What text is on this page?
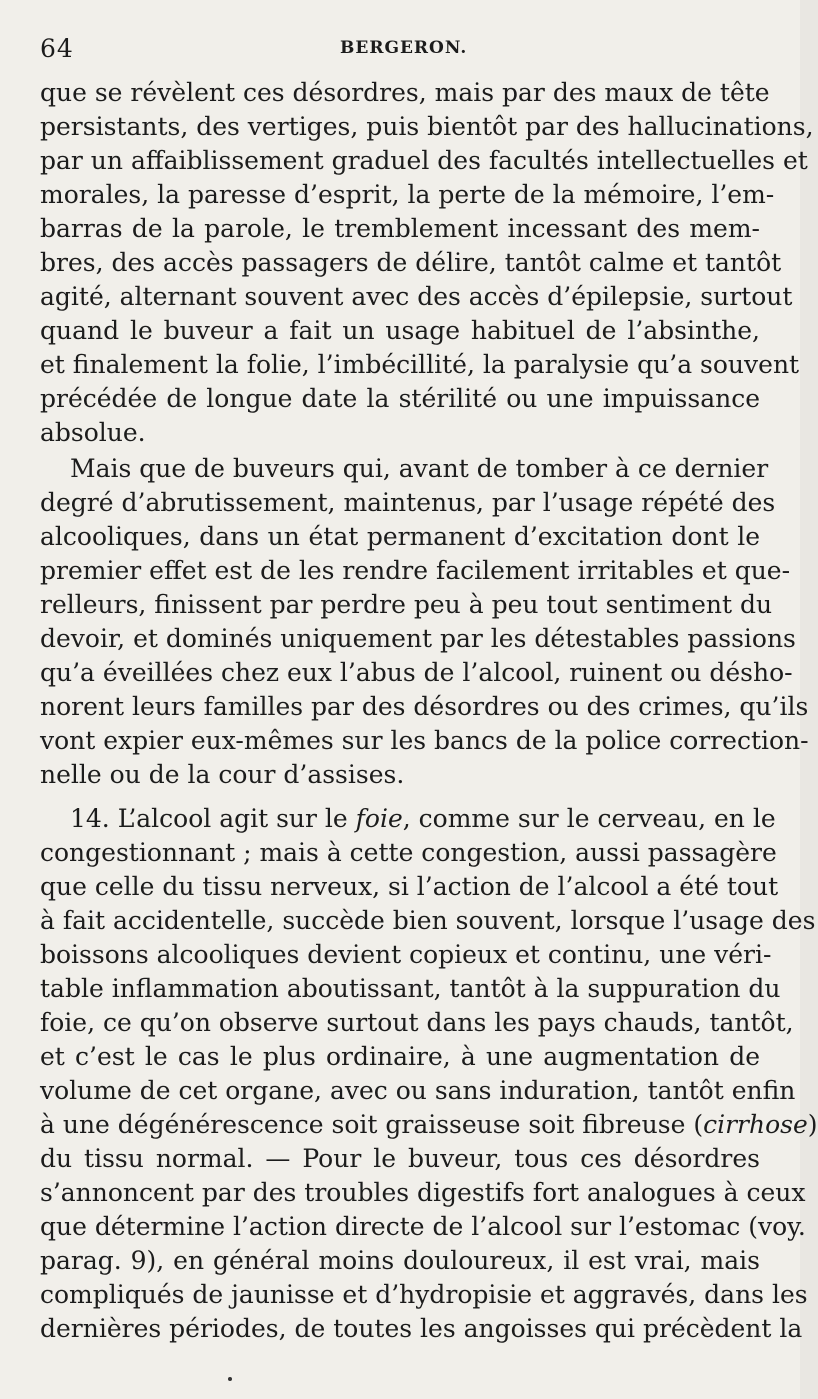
64	BERGERON.
que se révèlent ces désordres, mais par des maux de tête
persistants, des vertiges, puis bientôt par des hallucinations,
par un affaiblissement graduel des facultés intellectuelles et
morales, la paresse d’esprit, la perte de la mémoire, l’em-
barras de la parole, le tremblement incessant des mem-
bres, des accès passagers de délire, tantôt calme et tantôt
agité, alternant souvent avec des accès d’épilepsie, surtout
quand le buveur a fait un usage habituel de l’absinthe,
et finalement la folie, l’imbécillité, la paralysie qu’a souvent
précédée de longue date la stérilité ou une impuissance
absolue.
Mais que de buveurs qui, avant de tomber à ce dernier
degré d’abrutissement, maintenus, par l’usage répété des
alcooliques, dans un état permanent d’excitation dont le
premier effet est de les rendre facilement irritables et que-
relleurs, finissent par perdre peu à peu tout sentiment du
devoir, et dominés uniquement par les détestables passions
qu’a éveillées chez eux l’abus de l’alcool, ruinent ou désho-
norent leurs familles par des désordres ou des crimes, qu’ils
vont expier eux-mêmes sur les bancs de la police correction-
nelle ou de la cour d’assises.
14. L’alcool agit sur le foie, comme sur le cerveau, en le
congestionnant ; mais à cette congestion, aussi passagère
que celle du tissu nerveux, si l’action de l’alcool a été tout
à fait accidentelle, succède bien souvent, lorsque l’usage des
boissons alcooliques devient copieux et continu, une véri-
table inflammation aboutissant, tantôt à la suppuration du
foie, ce qu’on observe surtout dans les pays chauds, tantôt,
et c’est le cas le plus ordinaire, à une augmentation de
volume de cet organe, avec ou sans induration, tantôt enfin
à une dégénérescence soit graisseuse soit fibreuse (cirrhose)
du tissu normal. — Pour le buveur, tous ces désordres
s’annoncent par des troubles digestifs fort analogues à ceux
que détermine l’action directe de l’alcool sur l’estomac (voy.
parag. 9), en général moins douloureux, il est vrai, mais
compliqués de jaunisse et d’hydropisie et aggravés, dans les
dernières périodes, de toutes les angoisses qui précèdent la
